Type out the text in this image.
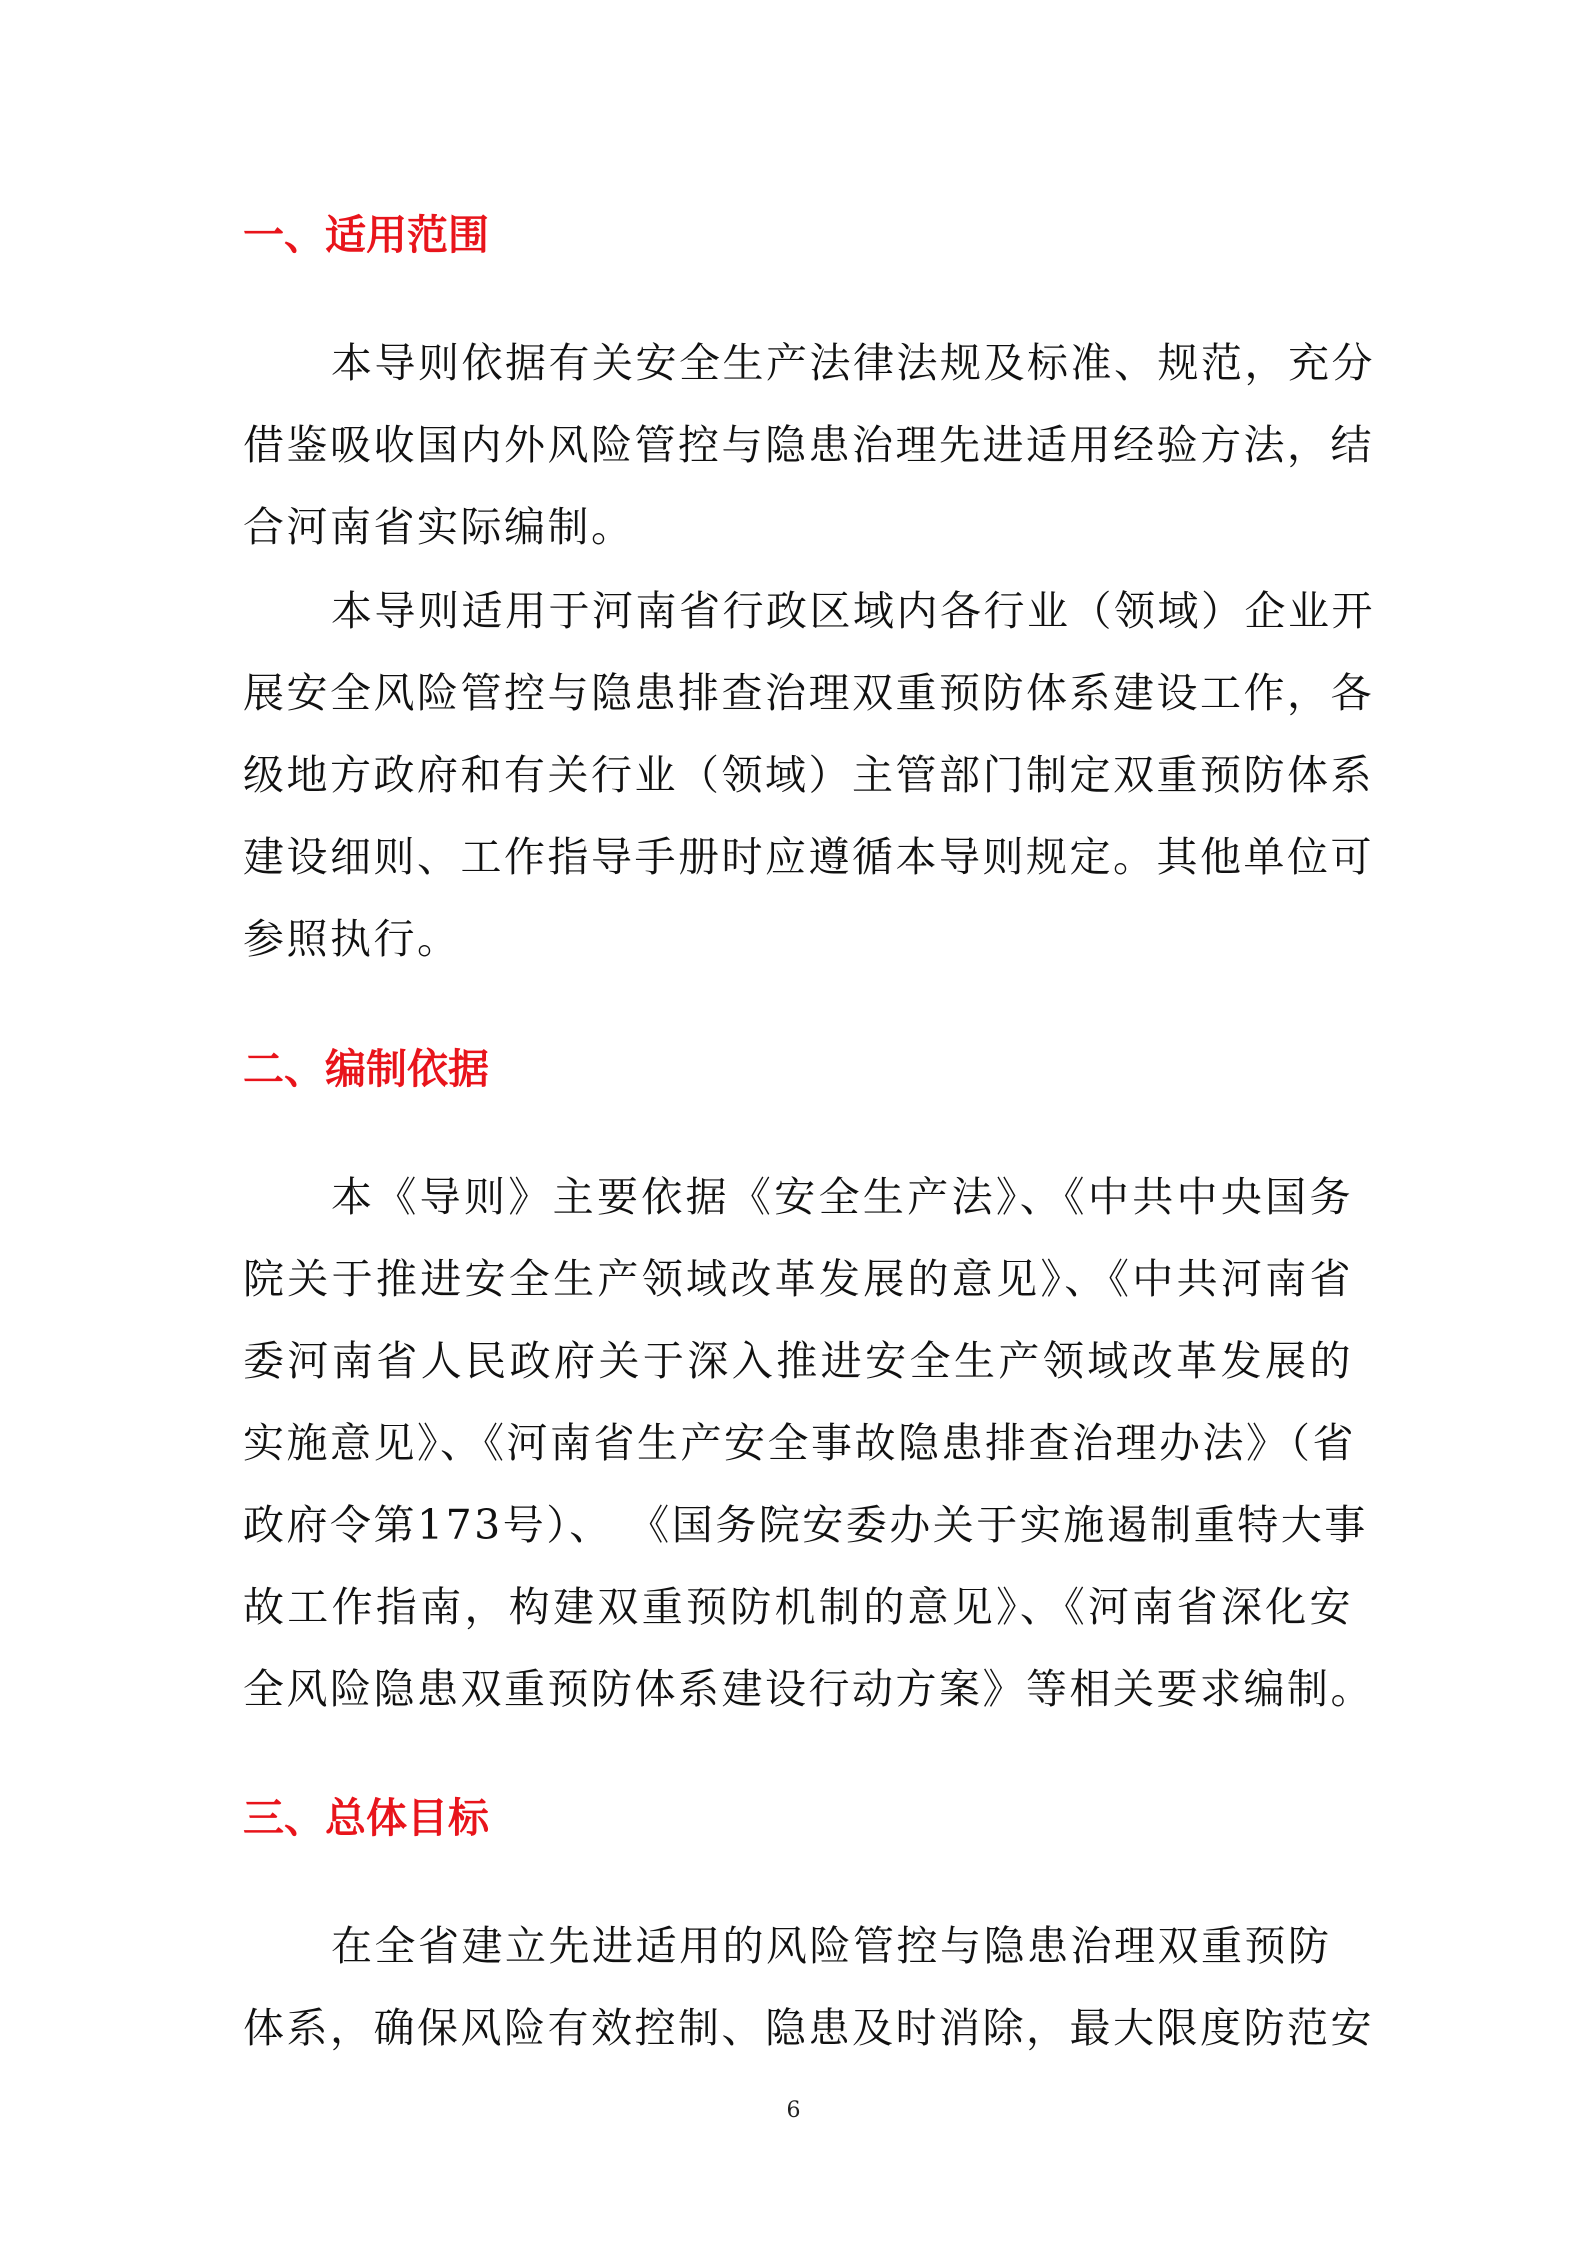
一、适用范围

本导则依据有关安全生产法律法规及标准、规范，充分
借鉴吸收国内外风险管控与隐患治理先进适用经验方法，结
合河南省实际编制。

本导则适用于河南省行政区域内各行业（领域）企业开
展安全风险管控与隐患排查治理双重预防体系建设工作，各
级地方政府和有关行业（领域）主管部门制定双重预防体系
建设细则、工作指导手册时应遵循本导则规定。其他单位可
参照执行。

二、编制依据

本《导则》主要依据《安全生产法》、《中共中央国务
院关于推进安全生产领域改革发展的意见》、《中共河南省
委河南省人民政府关于深入推进安全生产领域改革发展的
实施意见》、《河南省生产安全事故隐患排查治理办法》（省
政府令第173号）、 《国务院安委办关于实施遏制重特大事
故工作指南，构建双重预防机制的意见》、《河南省深化安
全风险隐患双重预防体系建设行动方案》等相关要求编制。

三、总体目标

在全省建立先进适用的风险管控与隐患治理双重预防
体系，确保风险有效控制、隐患及时消除，最大限度防范安

6
